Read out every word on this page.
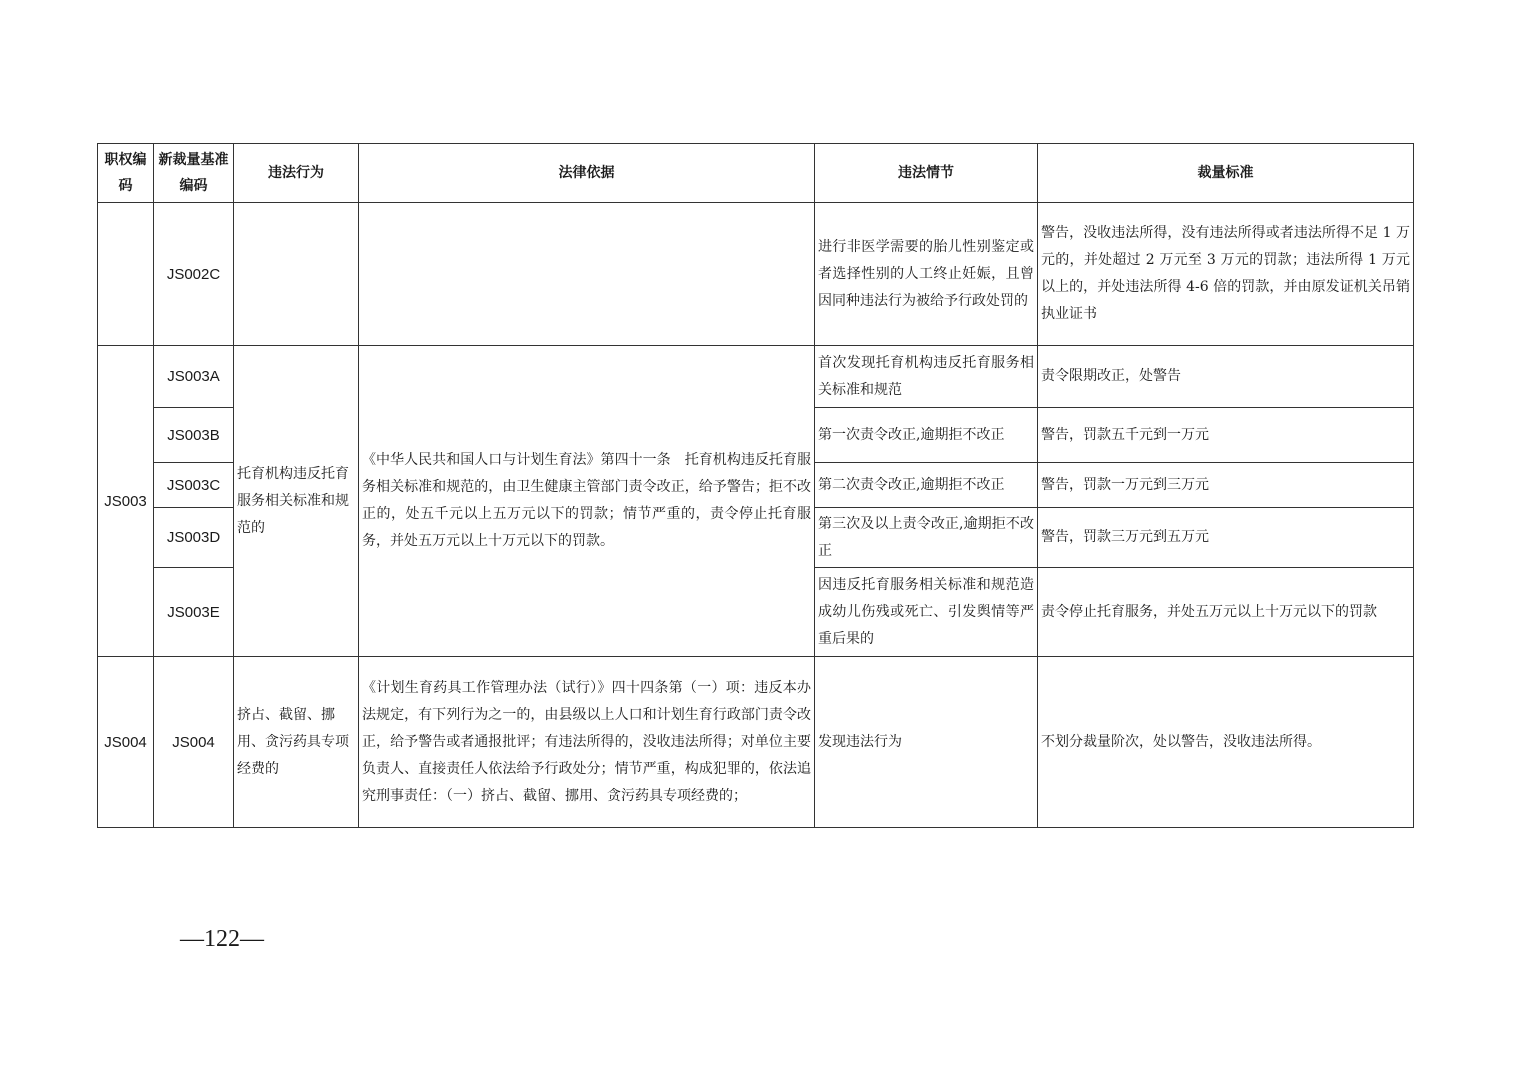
职权编码	新裁量基准编码	违法行为	法律依据	违法情节	裁量标准
	JS002C			进行非医学需要的胎儿性别鉴定或者选择性别的人工终止妊娠，且曾因同种违法行为被给予行政处罚的	警告，没收违法所得，没有违法所得或者违法所得不足 1 万元的，并处超过 2 万元至 3 万元的罚款；违法所得 1 万元以上的，并处违法所得 4-6 倍的罚款，并由原发证机关吊销执业证书
JS003	JS003A	托育机构违反托育服务相关标准和规范的	《中华人民共和国人口与计划生育法》第四十一条　托育机构违反托育服务相关标准和规范的，由卫生健康主管部门责令改正，给予警告；拒不改正的，处五千元以上五万元以下的罚款；情节严重的，责令停止托育服务，并处五万元以上十万元以下的罚款。	首次发现托育机构违反托育服务相关标准和规范	责令限期改正，处警告
	JS003B			第一次责令改正,逾期拒不改正	警告，罚款五千元到一万元
	JS003C			第二次责令改正,逾期拒不改正	警告，罚款一万元到三万元
	JS003D			第三次及以上责令改正,逾期拒不改正	警告，罚款三万元到五万元
	JS003E			因违反托育服务相关标准和规范造成幼儿伤残或死亡、引发舆情等严重后果的	责令停止托育服务，并处五万元以上十万元以下的罚款
JS004	JS004	挤占、截留、挪用、贪污药具专项经费的	《计划生育药具工作管理办法（试行）》四十四条第（一）项：违反本办法规定，有下列行为之一的，由县级以上人口和计划生育行政部门责令改正，给予警告或者通报批评；有违法所得的，没收违法所得；对单位主要负责人、直接责任人依法给予行政处分；情节严重，构成犯罪的，依法追究刑事责任：（一）挤占、截留、挪用、贪污药具专项经费的；	发现违法行为	不划分裁量阶次，处以警告，没收违法所得。
—122—
